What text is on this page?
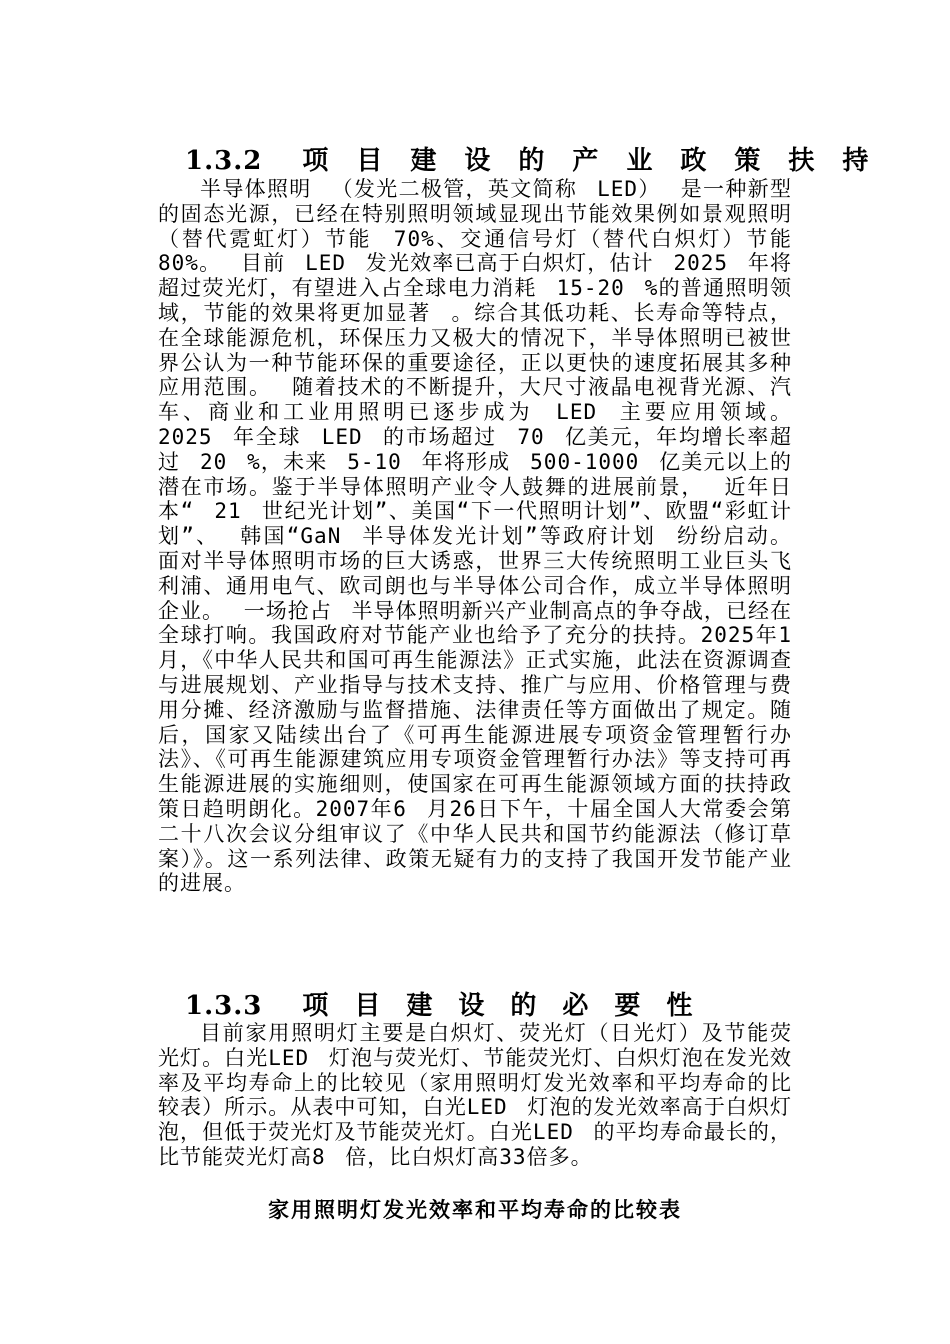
1.3.2 项目建设的产业政策扶持
半导体照明 （发光二极管，英文简称 LED） 是一种新型的固态光源，已经在特别照明领域显现出节能效果例如景观照明（替代霓虹灯）节能 70%、交通信号灯（替代白炽灯）节能 80%。 目前 LED 发光效率已高于白炽灯，估计 2025 年将超过荧光灯，有望进入占全球电力消耗 15-20 %的普通照明领域，节能的效果将更加显著 。综合其低功耗、长寿命等特点，在全球能源危机，环保压力又极大的情况下，半导体照明已被世界公认为一种节能环保的重要途径，正以更快的速度拓展其多种应用范围。 随着技术的不断提升，大尺寸液晶电视背光源、汽车、商业和工业用照明已逐步成为 LED 主要应用领域。 2025 年全球 LED 的市场超过 70 亿美元，年均增长率超过 20 %，未来 5-10 年将形成 500-1000 亿美元以上的潜在市场。鉴于半导体照明产业令人鼓舞的进展前景， 近年日本“ 21 世纪光计划”、美国“下一代照明计划”、欧盟“彩虹计划”、 韩国“GaN 半导体发光计划”等政府计划 纷纷启动。 面对半导体照明市场的巨大诱惑，世界三大传统照明工业巨头飞利浦、通用电气、欧司朗也与半导体公司合作，成立半导体照明企业。 一场抢占 半导体照明新兴产业制高点的争夺战，已经在全球打响。我国政府对节能产业也给予了充分的扶持。2025年1 月，《中华人民共和国可再生能源法》正式实施，此法在资源调查与进展规划、产业指导与技术支持、推广与应用、价格管理与费用分摊、经济激励与监督措施、法律责任等方面做出了规定。随后，国家又陆续出台了《可再生能源进展专项资金管理暂行办法》、《可再生能源建筑应用专项资金管理暂行办法》等支持可再生能源进展的实施细则，使国家在可再生能源领域方面的扶持政策日趋明朗化。2007年6 月26日下午，十届全国人大常委会第二十八次会议分组审议了《中华人民共和国节约能源法（修订草案）》。这一系列法律、政策无疑有力的支持了我国开发节能产业的进展。
1.3.3 项目建设的必要性
目前家用照明灯主要是白炽灯、荧光灯（日光灯）及节能荧光灯。白光LED 灯泡与荧光灯、节能荧光灯、白炽灯泡在发光效率及平均寿命上的比较见（家用照明灯发光效率和平均寿命的比较表）所示。从表中可知，白光LED 灯泡的发光效率高于白炽灯泡，但低于荧光灯及节能荧光灯。白光LED 的平均寿命最长的，比节能荧光灯高8 倍，比白炽灯高33倍多。
家用照明灯发光效率和平均寿命的比较表
